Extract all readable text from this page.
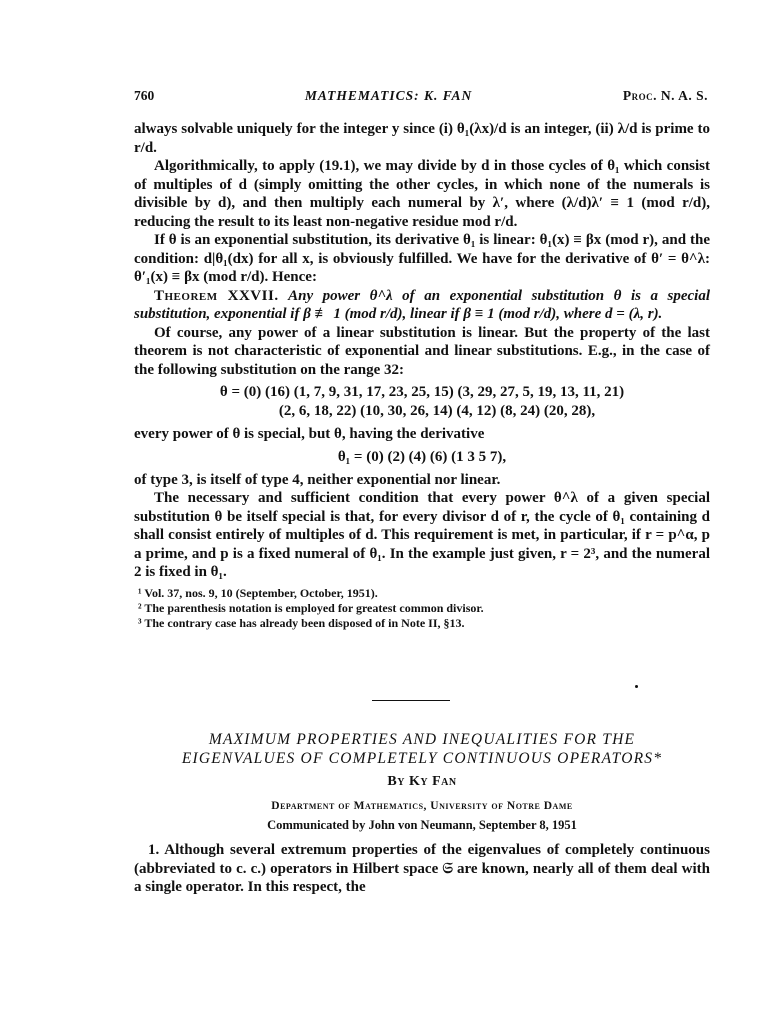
760	MATHEMATICS: K. FAN	Proc. N. A. S.

always solvable uniquely for the integer y since (i) θ₁(λx)/d is an integer, (ii) λ/d is prime to r/d.

Algorithmically, to apply (19.1), we may divide by d in those cycles of θ₁ which consist of multiples of d (simply omitting the other cycles, in which none of the numerals is divisible by d), and then multiply each numeral by λ′, where (λ/d)λ′ ≡ 1 (mod r/d), reducing the result to its least non-negative residue mod r/d.

If θ is an exponential substitution, its derivative θ₁ is linear: θ₁(x) ≡ βx (mod r), and the condition: d|θ₁(dx) for all x, is obviously fulfilled. We have for the derivative of θ′ = θ^λ: θ′₁(x) ≡ βx (mod r/d). Hence:

Theorem XXVII. Any power θ^λ of an exponential substitution θ is a special substitution, exponential if β ≢ 1 (mod r/d), linear if β ≡ 1 (mod r/d), where d = (λ, r).

Of course, any power of a linear substitution is linear. But the property of the last theorem is not characteristic of exponential and linear substitutions. E.g., in the case of the following substitution on the range 32:

θ = (0) (16) (1, 7, 9, 31, 17, 23, 25, 15) (3, 29, 27, 5, 19, 13, 11, 21)
(2, 6, 18, 22) (10, 30, 26, 14) (4, 12) (8, 24) (20, 28),

every power of θ is special, but θ, having the derivative

θ₁ = (0) (2) (4) (6) (1 3 5 7),

of type 3, is itself of type 4, neither exponential nor linear.

The necessary and sufficient condition that every power θ^λ of a given special substitution θ be itself special is that, for every divisor d of r, the cycle of θ₁ containing d shall consist entirely of multiples of d. This requirement is met, in particular, if r = p^α, p a prime, and p is a fixed numeral of θ₁. In the example just given, r = 2³, and the numeral 2 is fixed in θ₁.

¹ Vol. 37, nos. 9, 10 (September, October, 1951).
² The parenthesis notation is employed for greatest common divisor.
³ The contrary case has already been disposed of in Note II, §13.
MAXIMUM PROPERTIES AND INEQUALITIES FOR THE
EIGENVALUES OF COMPLETELY CONTINUOUS OPERATORS*
By Ky Fan
Department of Mathematics, University of Notre Dame
Communicated by John von Neumann, September 8, 1951

1. Although several extremum properties of the eigenvalues of completely continuous (abbreviated to c. c.) operators in Hilbert space 𝔖 are known, nearly all of them deal with a single operator. In this respect, the
